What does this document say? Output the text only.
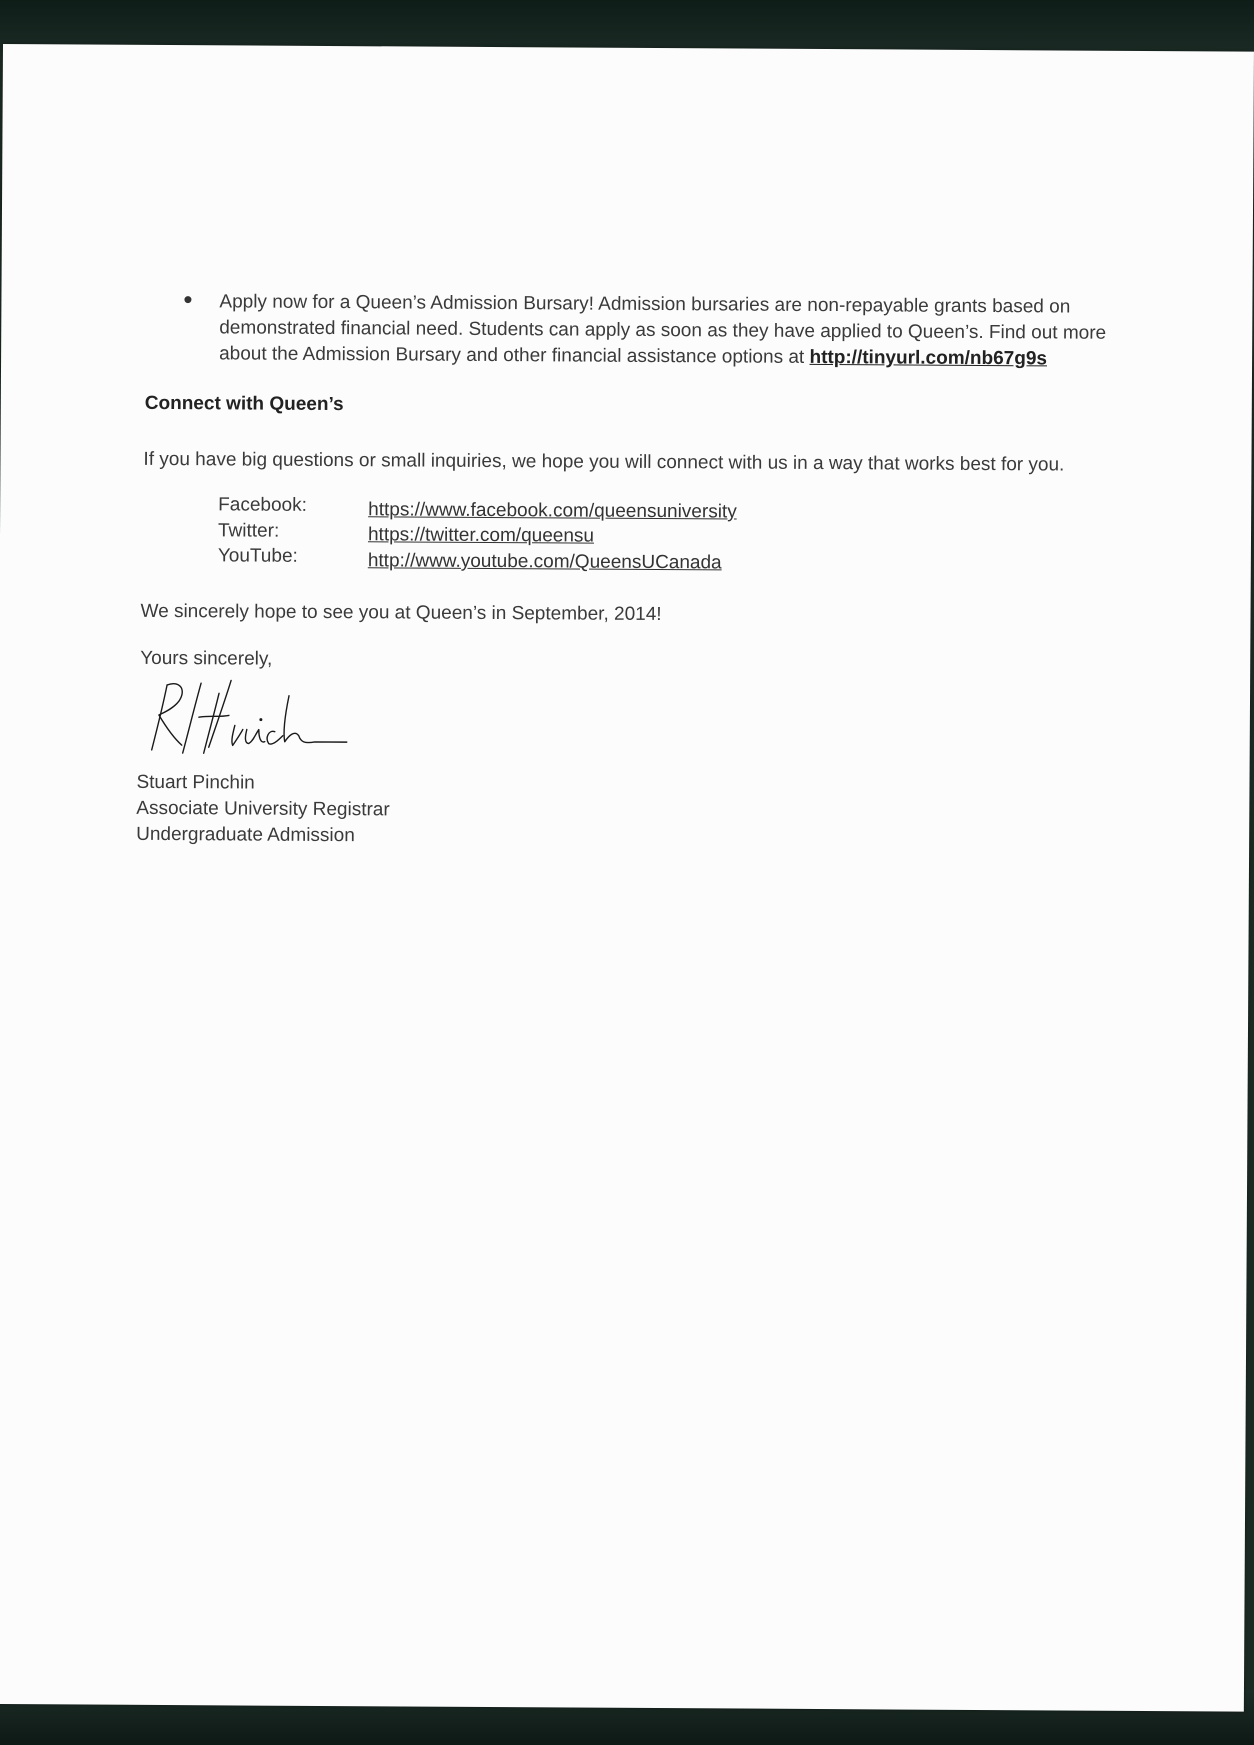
Apply now for a Queen’s Admission Bursary! Admission bursaries are non-repayable grants based on demonstrated financial need. Students can apply as soon as they have applied to Queen’s. Find out more about the Admission Bursary and other financial assistance options at http://tinyurl.com/nb67g9s
Connect with Queen’s
If you have big questions or small inquiries, we hope you will connect with us in a way that works best for you.
Facebook:	https://www.facebook.com/queensuniversity
Twitter:	https://twitter.com/queensu
YouTube:	http://www.youtube.com/QueensUCanada
We sincerely hope to see you at Queen’s in September, 2014!
Yours sincerely,
Stuart Pinchin
Associate University Registrar
Undergraduate Admission
